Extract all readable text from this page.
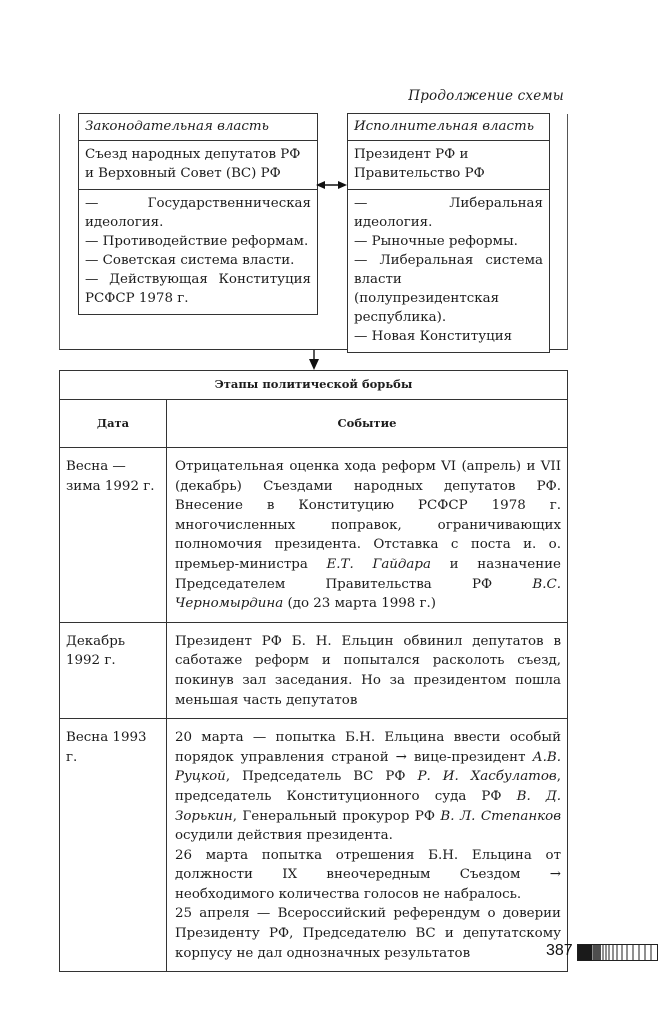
Продолжение схемы
Законодательная власть
Съезд народных депутатов РФ и Верховный Совет (ВС) РФ
— Государственническая идеология.
— Противодействие реформам.
— Советская система власти.
— Действующая Конституция РСФСР 1978 г.
Исполнительная власть
Президент РФ и Правительство РФ
— Либеральная идеология.
— Рыночные реформы.
— Либеральная система власти (полупрезидентская республика).
— Новая Конституция
Этапы политической борьбы	
Дата	Событие
Весна — зима 1992 г.	Отрицательная оценка хода реформ VI (апрель) и VII (декабрь) Съездами народных депутатов РФ. Внесение в Конституцию РСФСР 1978 г. многочисленных поправок, ограничивающих полномочия президента. Отставка с поста и. о. премьер-министра Е.Т. Гайдара и назначение Председателем Правительства РФ В.С. Черномырдина (до 23 марта 1998 г.)
Декабрь 1992 г.	Президент РФ Б. Н. Ельцин обвинил депутатов в саботаже реформ и попытался расколоть съезд, покинув зал заседания. Но за президентом пошла меньшая часть депутатов
Весна 1993 г.	20 марта — попытка Б.Н. Ельцина ввести особый порядок управления страной → вице-президент А.В. Руцкой, Председатель ВС РФ Р. И. Хасбулатов, председатель Конституционного суда РФ В. Д. Зорькин, Генеральный прокурор РФ В. Л. Степанков осудили действия президента.

26 марта попытка отрешения Б.Н. Ельцина от должности IX внеочередным Съездом → необходимого количества голосов не набралось.

25 апреля — Всероссийский референдум о доверии Президенту РФ, Председателю ВС и депутатскому корпусу не дал однозначных результатов	387
